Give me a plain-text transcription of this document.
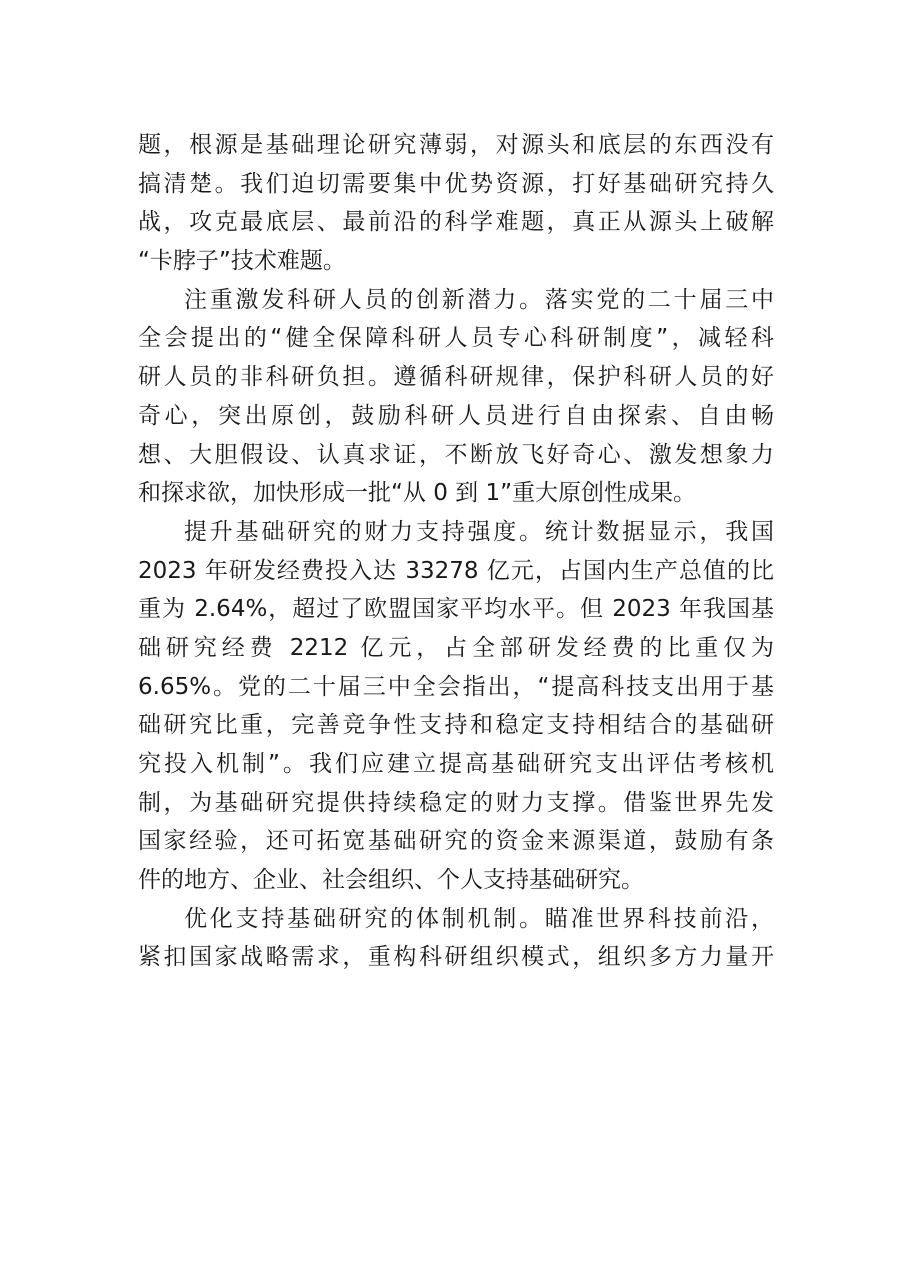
题，根源是基础理论研究薄弱，对源头和底层的东西没有
搞清楚。我们迫切需要集中优势资源，打好基础研究持久
战，攻克最底层、最前沿的科学难题，真正从源头上破解
“卡脖子”技术难题。
注重激发科研人员的创新潜力。落实党的二十届三中
全会提出的“健全保障科研人员专心科研制度”，减轻科
研人员的非科研负担。遵循科研规律，保护科研人员的好
奇心，突出原创，鼓励科研人员进行自由探索、自由畅
想、大胆假设、认真求证，不断放飞好奇心、激发想象力
和探求欲，加快形成一批“从 0 到 1”重大原创性成果。
提升基础研究的财力支持强度。统计数据显示，我国
2023 年研发经费投入达 33278 亿元，占国内生产总值的比
重为 2.64%，超过了欧盟国家平均水平。但 2023 年我国基
础研究经费 2212 亿元，占全部研发经费的比重仅为
6.65%。党的二十届三中全会指出，“提高科技支出用于基
础研究比重，完善竞争性支持和稳定支持相结合的基础研
究投入机制”。我们应建立提高基础研究支出评估考核机
制，为基础研究提供持续稳定的财力支撑。借鉴世界先发
国家经验，还可拓宽基础研究的资金来源渠道，鼓励有条
件的地方、企业、社会组织、个人支持基础研究。
优化支持基础研究的体制机制。瞄准世界科技前沿，
紧扣国家战略需求，重构科研组织模式，组织多方力量开
